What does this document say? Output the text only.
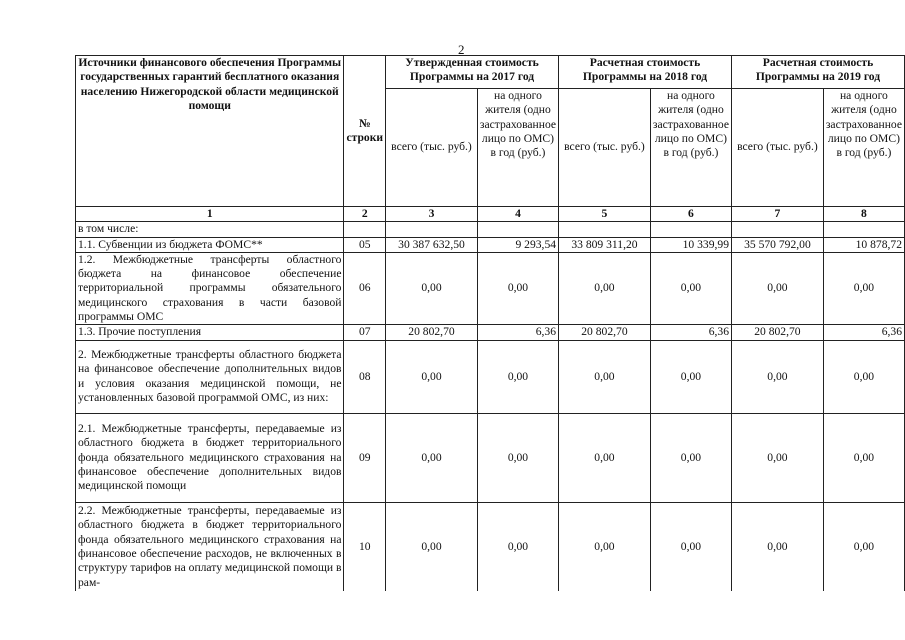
2
Источники финансового обеспечения Программы государственных гарантий бесплатного оказания населению Нижегородской области медицинской помощи	№ строки	Утвержденная стоимость Программы на 2017 год		Расчетная стоимость Программы на 2018 год		Расчетная стоимость Программы на 2019 год	
		всего (тыс. руб.)	на одного жителя (одно застрахованное лицо по ОМС) в год (руб.)	всего (тыс. руб.)	на одного жителя (одно застрахованное лицо по ОМС) в год (руб.)	всего (тыс. руб.)	на одного жителя (одно застрахованное лицо по ОМС) в год (руб.)
1	2	3	4	5	6	7	8
в том числе:							
1.1. Субвенции из бюджета ФОМС**	05	30 387 632,50	9 293,54	33 809 311,20	10 339,99	35 570 792,00	10 878,72
1.2. Межбюджетные трансферты областного бюджета на финансовое обеспечение территориальной программы обязательного медицинского страхования в части базовой программы ОМС	06	0,00	0,00	0,00	0,00	0,00	0,00
1.3. Прочие поступления	07	20 802,70	6,36	20 802,70	6,36	20 802,70	6,36
2. Межбюджетные трансферты областного бюджета на финансовое обеспечение дополнительных видов и условия оказания медицинской помощи, не установленных базовой программой ОМС, из них:	08	0,00	0,00	0,00	0,00	0,00	0,00
2.1. Межбюджетные трансферты, передаваемые из областного бюджета в бюджет территориального фонда обязательного медицинского страхования на финансовое обеспечение дополнительных видов медицинской помощи	09	0,00	0,00	0,00	0,00	0,00	0,00
2.2. Межбюджетные трансферты, передаваемые из областного бюджета в бюджет территориального фонда обязательного медицинского страхования на финансовое обеспечение расходов, не включенных в структуру тарифов на оплату медицинской помощи в рам-	10	0,00	0,00	0,00	0,00	0,00	0,00
